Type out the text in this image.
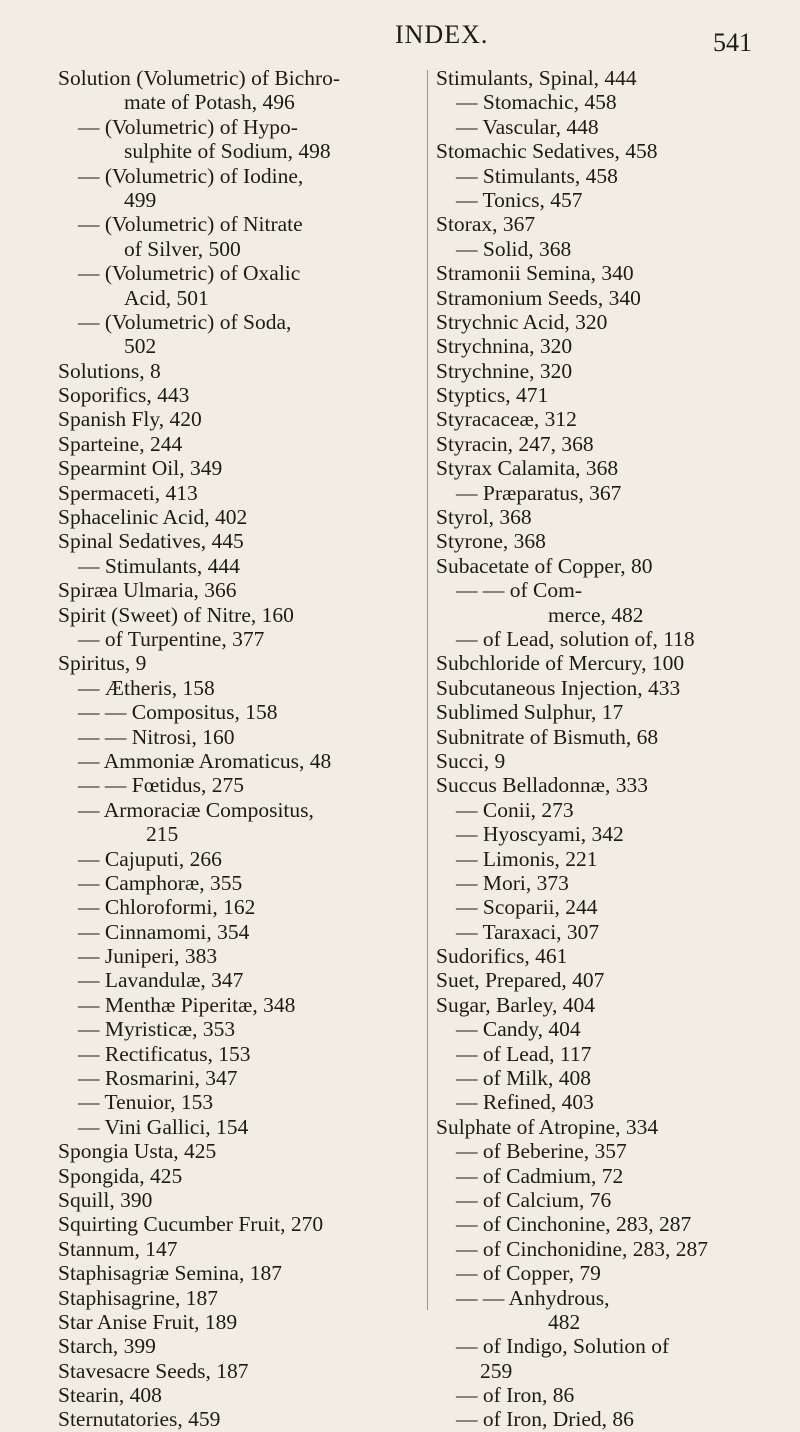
INDEX.	541
Solution (Volumetric) of Bichro-
mate of Potash, 496
— (Volumetric) of Hypo-
sulphite of Sodium, 498
— (Volumetric) of Iodine,
499
— (Volumetric) of Nitrate
of Silver, 500
— (Volumetric) of Oxalic
Acid, 501
— (Volumetric) of Soda,
502
Solutions, 8
Soporifics, 443
Spanish Fly, 420
Sparteine, 244
Spearmint Oil, 349
Spermaceti, 413
Sphacelinic Acid, 402
Spinal Sedatives, 445
— Stimulants, 444
Spiræa Ulmaria, 366
Spirit (Sweet) of Nitre, 160
— of Turpentine, 377
Spiritus, 9
— Ætheris, 158
— — Compositus, 158
— — Nitrosi, 160
— Ammoniæ Aromaticus, 48
— — Fœtidus, 275
— Armoraciæ Compositus,
215
— Cajuputi, 266
— Camphoræ, 355
— Chloroformi, 162
— Cinnamomi, 354
— Juniperi, 383
— Lavandulæ, 347
— Menthæ Piperitæ, 348
— Myristicæ, 353
— Rectificatus, 153
— Rosmarini, 347
— Tenuior, 153
— Vini Gallici, 154
Spongia Usta, 425
Spongida, 425
Squill, 390
Squirting Cucumber Fruit, 270
Stannum, 147
Staphisagriæ Semina, 187
Staphisagrine, 187
Star Anise Fruit, 189
Starch, 399
Stavesacre Seeds, 187
Stearin, 408
Sternutatories, 459
Stimulants, Spinal, 444
— Stomachic, 458
— Vascular, 448
Stomachic Sedatives, 458
— Stimulants, 458
— Tonics, 457
Storax, 367
— Solid, 368
Stramonii Semina, 340
Stramonium Seeds, 340
Strychnic Acid, 320
Strychnina, 320
Strychnine, 320
Styptics, 471
Styracaceæ, 312
Styracin, 247, 368
Styrax Calamita, 368
— Præparatus, 367
Styrol, 368
Styrone, 368
Subacetate of Copper, 80
— — of Com-
merce, 482
— of Lead, solution of, 118
Subchloride of Mercury, 100
Subcutaneous Injection, 433
Sublimed Sulphur, 17
Subnitrate of Bismuth, 68
Succi, 9
Succus Belladonnæ, 333
— Conii, 273
— Hyoscyami, 342
— Limonis, 221
— Mori, 373
— Scoparii, 244
— Taraxaci, 307
Sudorifics, 461
Suet, Prepared, 407
Sugar, Barley, 404
— Candy, 404
— of Lead, 117
— of Milk, 408
— Refined, 403
Sulphate of Atropine, 334
— of Beberine, 357
— of Cadmium, 72
— of Calcium, 76
— of Cinchonine, 283, 287
— of Cinchonidine, 283, 287
— of Copper, 79
— — Anhydrous,
482
— of Indigo, Solution of
259
— of Iron, 86
— of Iron, Dried, 86
